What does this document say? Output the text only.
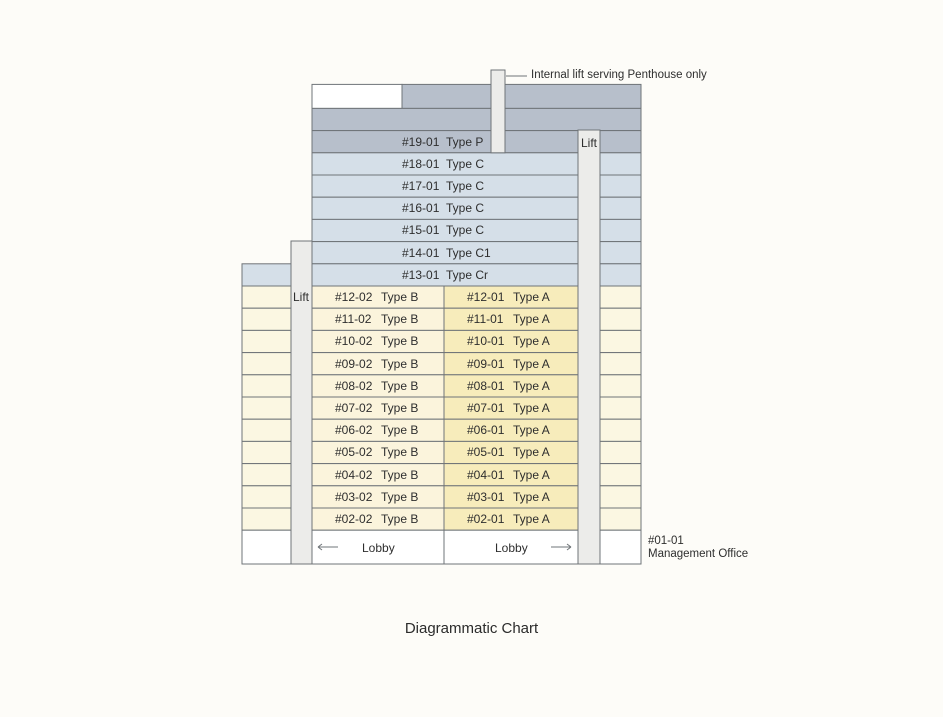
#19-01 Type P
#18-01 Type C
#17-01 Type C
#16-01 Type C
#15-01 Type C
#14-01 Type C1
#13-01 Type Cr
#12-02 Type B	#12-01 Type A
#11-02 Type B	#11-01 Type A
#10-02 Type B	#10-01 Type A
#09-02 Type B	#09-01 Type A
#08-02 Type B	#08-01 Type A
#07-02 Type B	#07-01 Type A
#06-02 Type B	#06-01 Type A
#05-02 Type B	#05-01 Type A
#04-02 Type B	#04-01 Type A
#03-02 Type B	#03-01 Type A
#02-02 Type B	#02-01 Type A
Internal lift serving Penthouse only
Lift
Lift
Lobby	Lobby	#01-01
Management Office
Diagrammatic Chart
